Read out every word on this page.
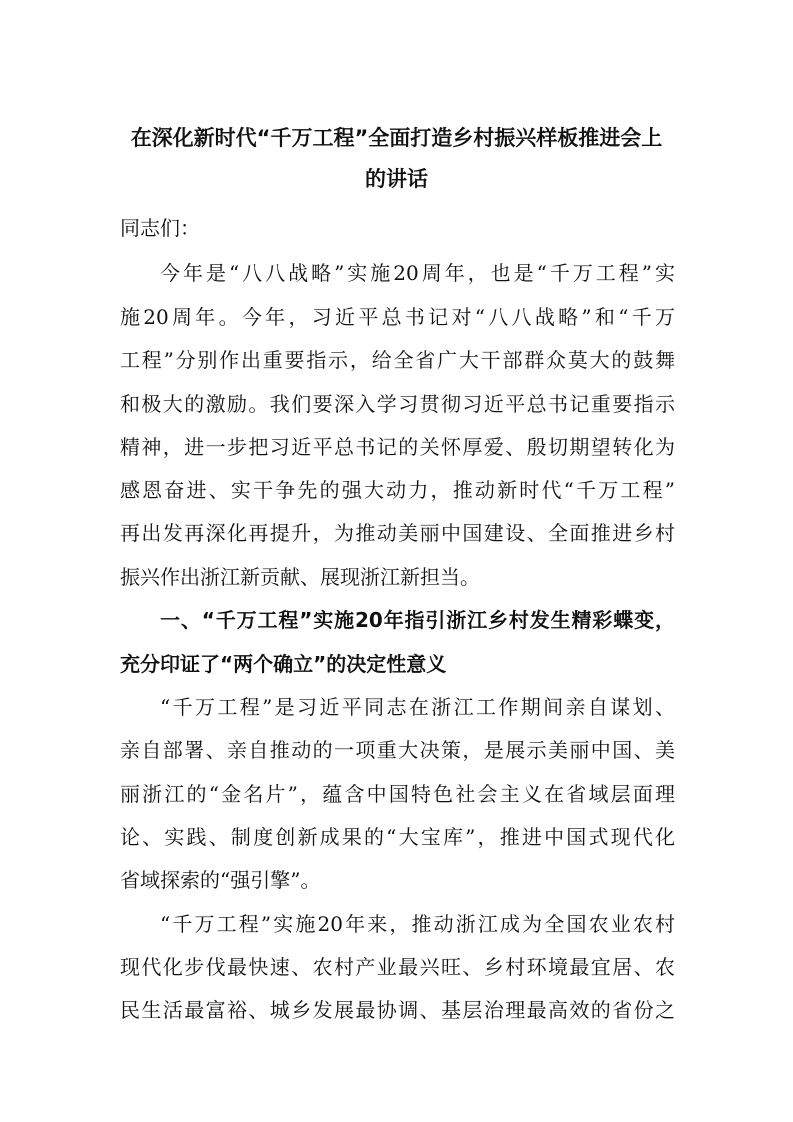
在深化新时代“千万工程”全面打造乡村振兴样板推进会上
的讲话
同志们：
今年是“八八战略”实施20周年，也是“千万工程”实
施20周年。今年，习近平总书记对“八八战略”和“千万
工程”分别作出重要指示，给全省广大干部群众莫大的鼓舞
和极大的激励。我们要深入学习贯彻习近平总书记重要指示
精神，进一步把习近平总书记的关怀厚爱、殷切期望转化为
感恩奋进、实干争先的强大动力，推动新时代“千万工程”
再出发再深化再提升，为推动美丽中国建设、全面推进乡村
振兴作出浙江新贡献、展现浙江新担当。
一、“千万工程”实施20年指引浙江乡村发生精彩蝶变，
充分印证了“两个确立”的决定性意义
“千万工程”是习近平同志在浙江工作期间亲自谋划、
亲自部署、亲自推动的一项重大决策，是展示美丽中国、美
丽浙江的“金名片”，蕴含中国特色社会主义在省域层面理
论、实践、制度创新成果的“大宝库”，推进中国式现代化
省域探索的“强引擎”。
“千万工程”实施20年来，推动浙江成为全国农业农村
现代化步伐最快速、农村产业最兴旺、乡村环境最宜居、农
民生活最富裕、城乡发展最协调、基层治理最高效的省份之
